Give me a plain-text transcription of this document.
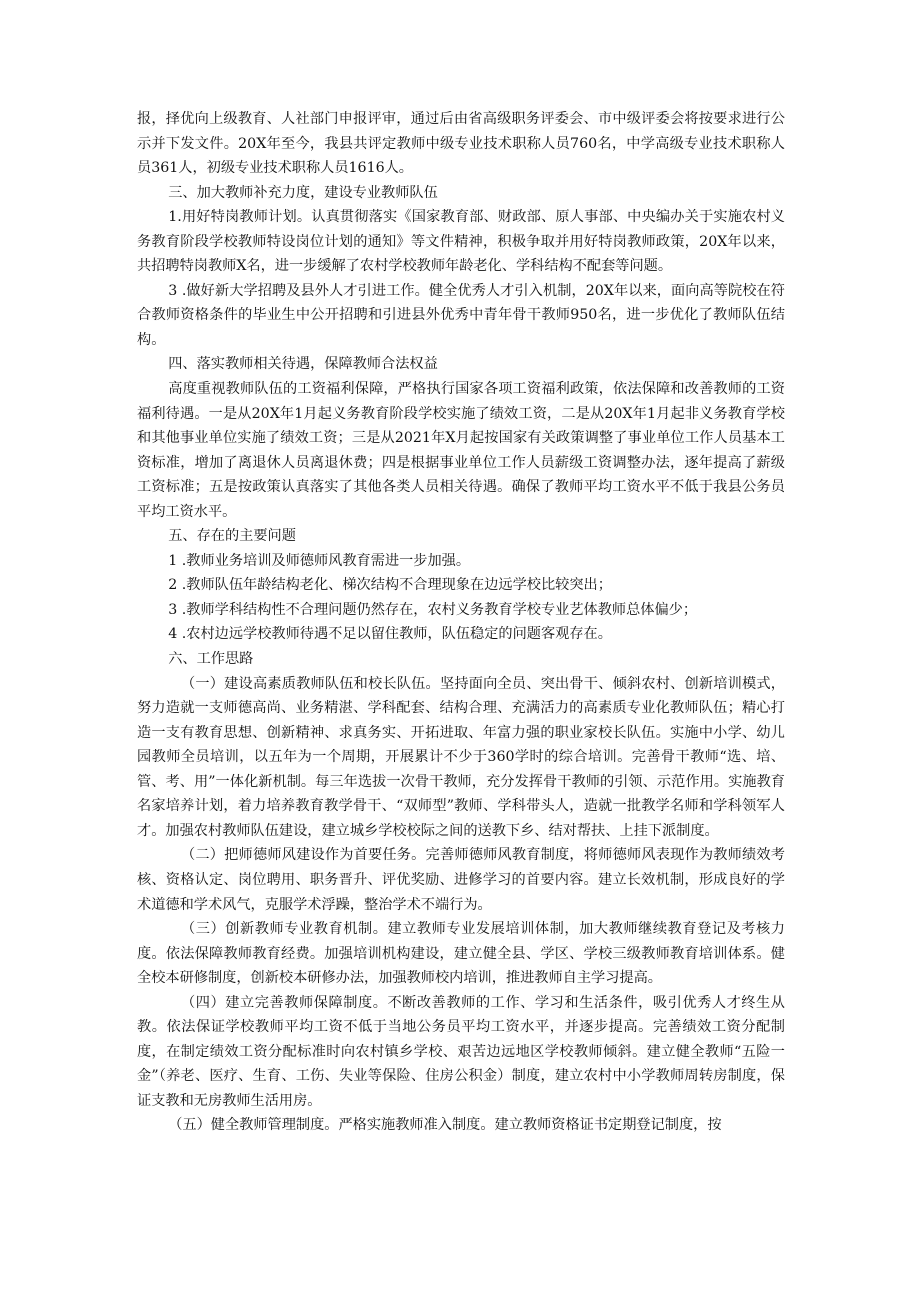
报，择优向上级教育、人社部门申报评审，通过后由省高级职务评委会、市中级评委会将按要求进行公示并下发文件。20X年至今，我县共评定教师中级专业技术职称人员760名，中学高级专业技术职称人员361人，初级专业技术职称人员1616人。

三、加大教师补充力度，建设专业教师队伍

1.用好特岗教师计划。认真贯彻落实《国家教育部、财政部、原人事部、中央编办关于实施农村义务教育阶段学校教师特设岗位计划的通知》等文件精神，积极争取并用好特岗教师政策，20X年以来，共招聘特岗教师X名，进一步缓解了农村学校教师年龄老化、学科结构不配套等问题。

3 .做好新大学招聘及县外人才引进工作。健全优秀人才引入机制，20X年以来，面向高等院校在符合教师资格条件的毕业生中公开招聘和引进县外优秀中青年骨干教师950名，进一步优化了教师队伍结构。

四、落实教师相关待遇，保障教师合法权益

高度重视教师队伍的工资福利保障，严格执行国家各项工资福利政策，依法保障和改善教师的工资福利待遇。一是从20X年1月起义务教育阶段学校实施了绩效工资，二是从20X年1月起非义务教育学校和其他事业单位实施了绩效工资；三是从2021年X月起按国家有关政策调整了事业单位工作人员基本工资标准，增加了离退休人员离退休费；四是根据事业单位工作人员薪级工资调整办法，逐年提高了薪级工资标准；五是按政策认真落实了其他各类人员相关待遇。确保了教师平均工资水平不低于我县公务员平均工资水平。

五、存在的主要问题

1 .教师业务培训及师德师风教育需进一步加强。

2 .教师队伍年龄结构老化、梯次结构不合理现象在边远学校比较突出；

3 .教师学科结构性不合理问题仍然存在，农村义务教育学校专业艺体教师总体偏少；

4 .农村边远学校教师待遇不足以留住教师，队伍稳定的问题客观存在。

六、工作思路

（一）建设高素质教师队伍和校长队伍。坚持面向全员、突出骨干、倾斜农村、创新培训模式，努力造就一支师德高尚、业务精湛、学科配套、结构合理、充满活力的高素质专业化教师队伍；精心打造一支有教育思想、创新精神、求真务实、开拓进取、年富力强的职业家校长队伍。实施中小学、幼儿园教师全员培训，以五年为一个周期，开展累计不少于360学时的综合培训。完善骨干教师“选、培、管、考、用”一体化新机制。每三年选拔一次骨干教师，充分发挥骨干教师的引领、示范作用。实施教育名家培养计划，着力培养教育教学骨干、“双师型”教师、学科带头人，造就一批教学名师和学科领军人才。加强农村教师队伍建设，建立城乡学校校际之间的送教下乡、结对帮扶、上挂下派制度。

（二）把师德师风建设作为首要任务。完善师德师风教育制度，将师德师风表现作为教师绩效考核、资格认定、岗位聘用、职务晋升、评优奖励、进修学习的首要内容。建立长效机制，形成良好的学术道德和学术风气，克服学术浮躁，整治学术不端行为。

（三）创新教师专业教育机制。建立教师专业发展培训体制，加大教师继续教育登记及考核力度。依法保障教师教育经费。加强培训机构建设，建立健全县、学区、学校三级教师教育培训体系。健全校本研修制度，创新校本研修办法，加强教师校内培训，推进教师自主学习提高。

（四）建立完善教师保障制度。不断改善教师的工作、学习和生活条件，吸引优秀人才终生从教。依法保证学校教师平均工资不低于当地公务员平均工资水平，并逐步提高。完善绩效工资分配制度，在制定绩效工资分配标准时向农村镇乡学校、艰苦边远地区学校教师倾斜。建立健全教师“五险一金”（养老、医疗、生育、工伤、失业等保险、住房公积金）制度，建立农村中小学教师周转房制度，保证支教和无房教师生活用房。

（五）健全教师管理制度。严格实施教师准入制度。建立教师资格证书定期登记制度，按
